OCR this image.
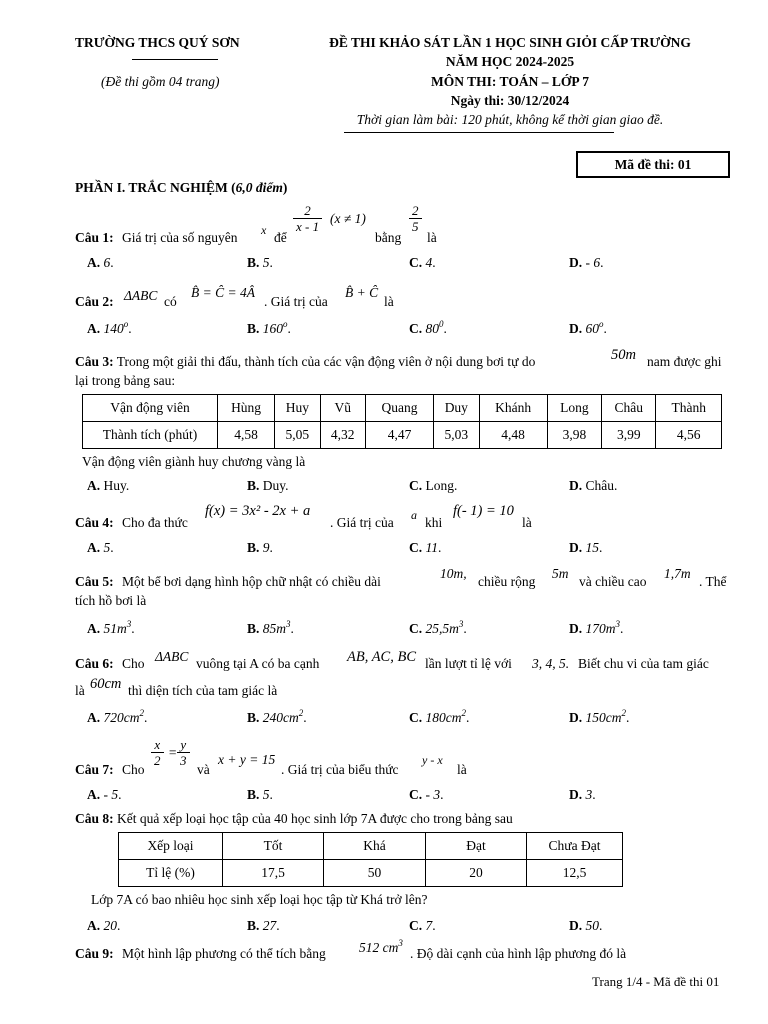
TRƯỜNG THCS QUÝ SƠN
(Đề thi gồm 04 trang)
ĐỀ THI KHẢO SÁT LẦN 1 HỌC SINH GIỎI CẤP TRƯỜNG
NĂM HỌC 2024-2025
MÔN THI: TOÁN – LỚP 7
Ngày thi: 30/12/2024
Thời gian làm bài: 120 phút, không kể thời gian giao đề.
Mã đề thi: 01
PHẦN I. TRẮC NGHIỆM (6,0 điểm)
Câu 1: Giá trị của số nguyên x để
$\frac{2}{x - 1} (x \ne 1)$
bằng
$\frac{2}{5}$
là
A. 6.	B. 5.	C. 4.	D. - 6.
Câu 2: ΔABC có
B̂ = Ĉ = 4Â
. Giá trị của
B̂ + Ĉ
là
A. 140$^o$.	B. 160$^o$.	C. $80^0$.	D. 60$^o$.
Câu 3: Trong một giải thi đấu, thành tích của các vận động viên ở nội dung bơi tự do	50m nam được ghi
lại trong bảng sau:
Vận động viên	Hùng	Huy	Vũ	Quang	Duy	Khánh	Long	Châu	Thành
Thành tích (phút)	4,58	5,05	4,32	4,47	5,03	4,48	3,98	3,99	4,56
Vận động viên giành huy chương vàng là
A. Huy.	B. Duy.	C. Long.	D. Châu.
Câu 4: Cho đa thức
f(x) = 3x² - 2x + a
. Giá trị của a khi
f(- 1) = 10
là
A. 5.	B. 9.	C. 11.	D. 15.
Câu 5: Một bể bơi dạng hình hộp chữ nhật có chiều dài
10m,
chiều rộng
5m
và chiều cao
1,7m
. Thể
tích hồ bơi là
A. $51m^3$.	B. $85m^3$.	C. $25,5m^3$.	D. $170m^3$.
Câu 6: Cho ΔABC vuông tại A có ba cạnh AB, AC, BC lần lượt tỉ lệ với 3, 4, 5. Biết chu vi của tam giác
là 60cm thì diện tích của tam giác là
A. $720cm^2$.	B. $240cm^2$.	C. $180cm^2$.	D. $150cm^2$.
Câu 7: Cho
$\frac{x}{2} = \frac{y}{3}$
và
x + y = 15
. Giá trị của biểu thức
y - x
là
A. - 5.	B. 5.	C. - 3.	D. 3.
Câu 8: Kết quả xếp loại học tập của 40 học sinh lớp 7A được cho trong bảng sau
Xếp loại	Tốt	Khá	Đạt	Chưa Đạt
Tỉ lệ (%)	17,5	50	20	12,5
Lớp 7A có bao nhiêu học sinh xếp loại học tập từ Khá trở lên?
A. 20.	B. 27.	C. 7.	D. 50.
Câu 9: Một hình lập phương có thể tích bằng 512 $cm^3$
. Độ dài cạnh của hình lập phương đó là
Trang 1/4 - Mã đề thi 01
